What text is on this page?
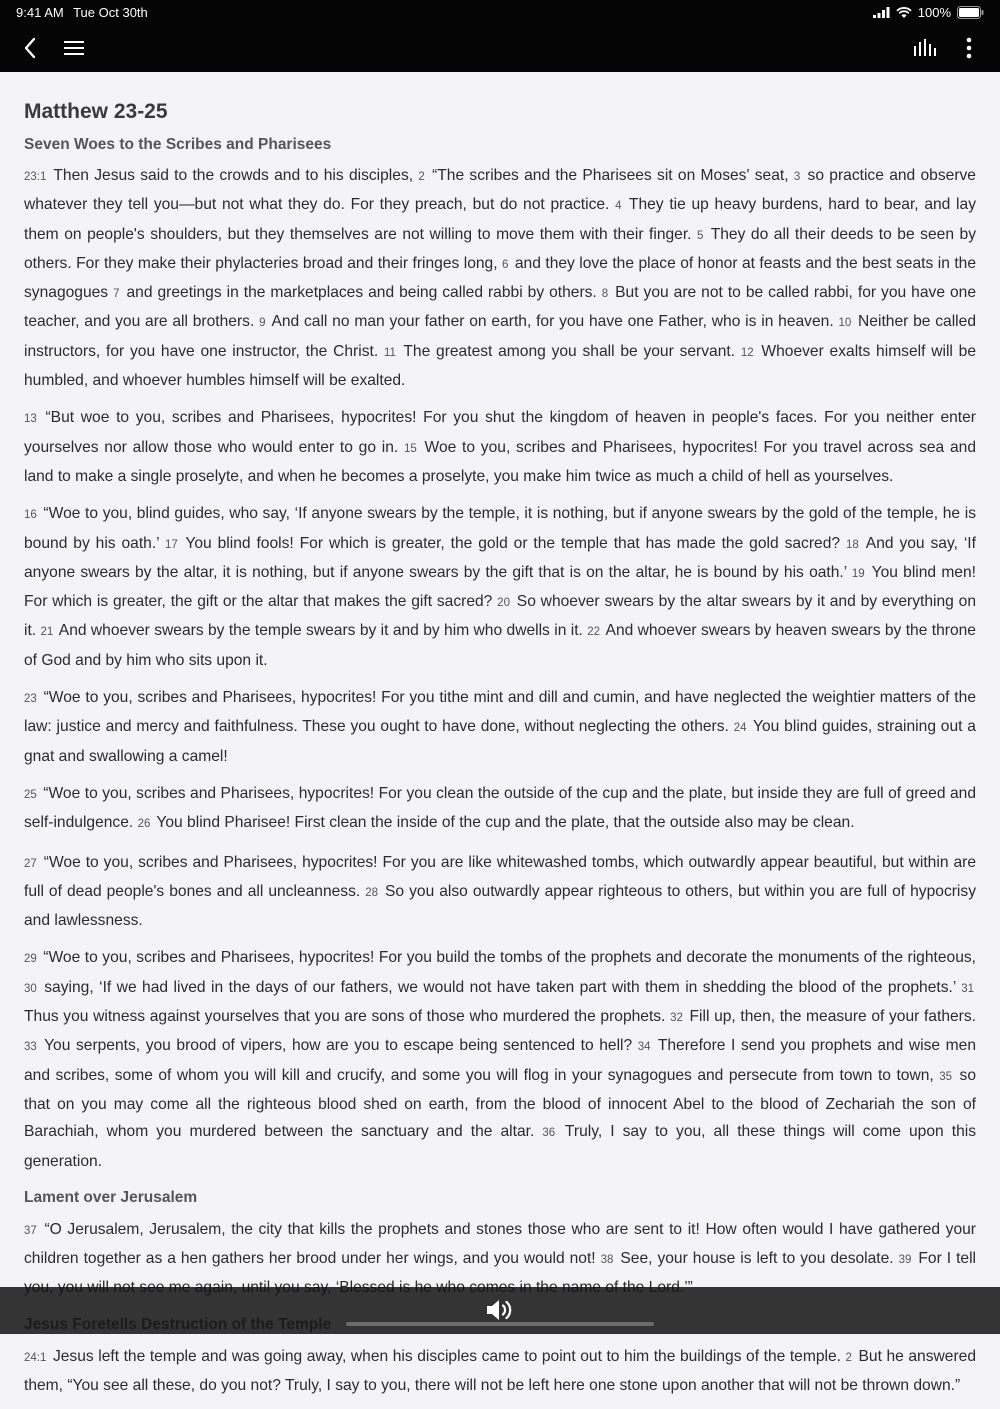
9:41 AM Tue Oct 30th	100%
Matthew 23-25
Seven Woes to the Scribes and Pharisees

23:1 Then Jesus said to the crowds and to his disciples, 2 “The scribes and the Pharisees sit on Moses' seat, 3 so practice and observe whatever they tell you—but not what they do. For they preach, but do not practice. 4 They tie up heavy burdens, hard to bear, and lay them on people's shoulders, but they themselves are not willing to move them with their finger. 5 They do all their deeds to be seen by others. For they make their phylacteries broad and their fringes long, 6 and they love the place of honor at feasts and the best seats in the synagogues 7 and greetings in the marketplaces and being called rabbi by others. 8 But you are not to be called rabbi, for you have one teacher, and you are all brothers. 9 And call no man your father on earth, for you have one Father, who is in heaven. 10 Neither be called instructors, for you have one instructor, the Christ. 11 The greatest among you shall be your servant. 12 Whoever exalts himself will be humbled, and whoever humbles himself will be exalted.

13 “But woe to you, scribes and Pharisees, hypocrites! For you shut the kingdom of heaven in people's faces. For you neither enter yourselves nor allow those who would enter to go in. 15 Woe to you, scribes and Pharisees, hypocrites! For you travel across sea and land to make a single proselyte, and when he becomes a proselyte, you make him twice as much a child of hell as yourselves.

16 “Woe to you, blind guides, who say, ‘If anyone swears by the temple, it is nothing, but if anyone swears by the gold of the temple, he is bound by his oath.’ 17 You blind fools! For which is greater, the gold or the temple that has made the gold sacred? 18 And you say, ‘If anyone swears by the altar, it is nothing, but if anyone swears by the gift that is on the altar, he is bound by his oath.’ 19 You blind men! For which is greater, the gift or the altar that makes the gift sacred? 20 So whoever swears by the altar swears by it and by everything on it. 21 And whoever swears by the temple swears by it and by him who dwells in it. 22 And whoever swears by heaven swears by the throne of God and by him who sits upon it.

23 “Woe to you, scribes and Pharisees, hypocrites! For you tithe mint and dill and cumin, and have neglected the weightier matters of the law: justice and mercy and faithfulness. These you ought to have done, without neglecting the others. 24 You blind guides, straining out a gnat and swallowing a camel!

25 “Woe to you, scribes and Pharisees, hypocrites! For you clean the outside of the cup and the plate, but inside they are full of greed and self-indulgence. 26 You blind Pharisee! First clean the inside of the cup and the plate, that the outside also may be clean.

27 “Woe to you, scribes and Pharisees, hypocrites! For you are like whitewashed tombs, which outwardly appear beautiful, but within are full of dead people's bones and all uncleanness. 28 So you also outwardly appear righteous to others, but within you are full of hypocrisy and lawlessness.

29 “Woe to you, scribes and Pharisees, hypocrites! For you build the tombs of the prophets and decorate the monuments of the righteous, 30 saying, ‘If we had lived in the days of our fathers, we would not have taken part with them in shedding the blood of the prophets.’ 31 Thus you witness against yourselves that you are sons of those who murdered the prophets. 32 Fill up, then, the measure of your fathers. 33 You serpents, you brood of vipers, how are you to escape being sentenced to hell? 34 Therefore I send you prophets and wise men and scribes, some of whom you will kill and crucify, and some you will flog in your synagogues and persecute from town to town, 35 so that on you may come all the righteous blood shed on earth, from the blood of innocent Abel to the blood of Zechariah the son of Barachiah, whom you murdered between the sanctuary and the altar. 36 Truly, I say to you, all these things will come upon this generation.

Lament over Jerusalem

37 “O Jerusalem, Jerusalem, the city that kills the prophets and stones those who are sent to it! How often would I have gathered your children together as a hen gathers her brood under her wings, and you would not! 38 See, your house is left to you desolate. 39 For I tell

24:1 Jesus left the temple and was going away, when his disciples came to point out to him the buildings of the temple. 2 But he answered them, “You see all these, do you not? Truly, I say to you, there will not be left here one stone upon another that will not be thrown down.”
